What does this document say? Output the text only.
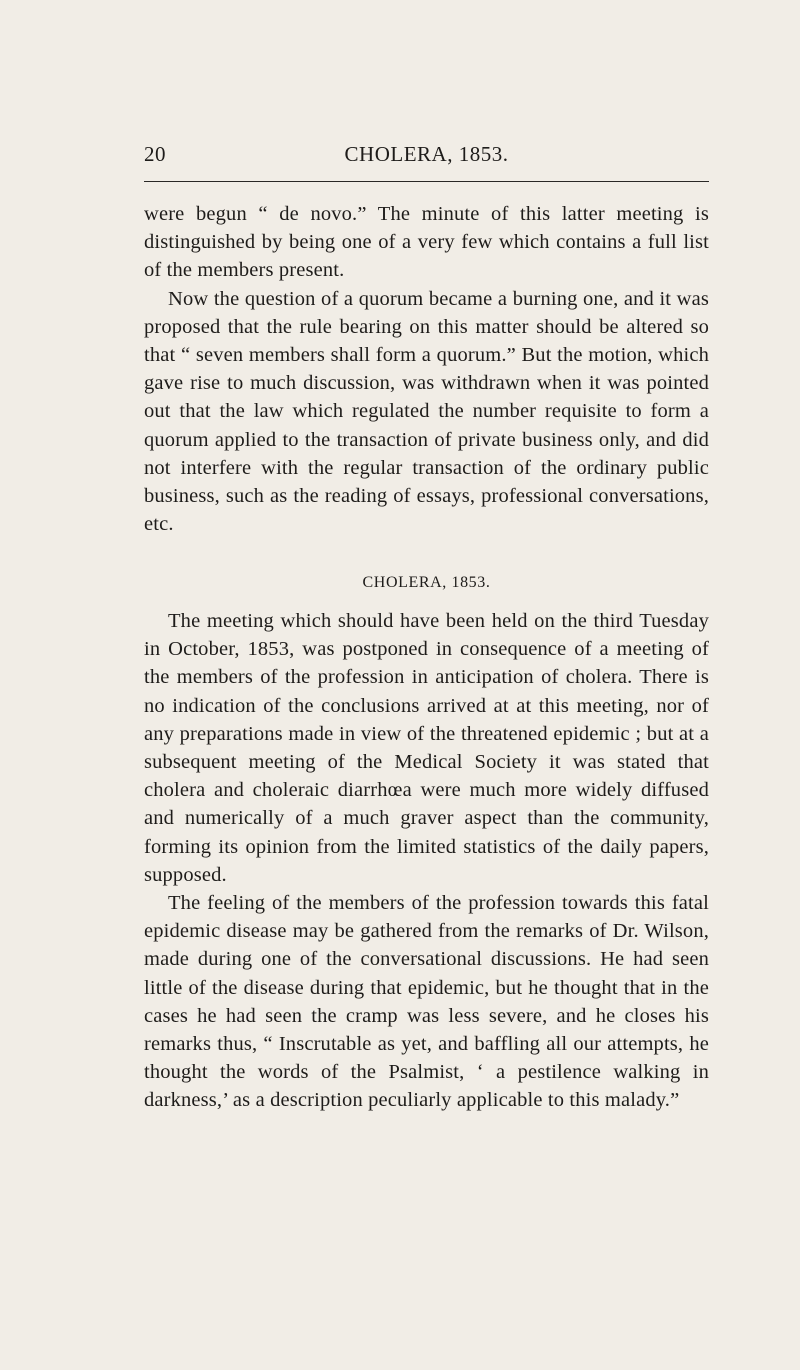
20	CHOLERA, 1853.

were begun “ de novo.” The minute of this latter meeting is distinguished by being one of a very few which contains a full list of the members present.

Now the question of a quorum became a burning one, and it was proposed that the rule bearing on this matter should be altered so that “ seven members shall form a quorum.” But the motion, which gave rise to much discussion, was withdrawn when it was pointed out that the law which regulated the number requisite to form a quorum applied to the transaction of private business only, and did not interfere with the regular transaction of the ordinary public business, such as the reading of essays, professional conversations, etc.

CHOLERA, 1853.

The meeting which should have been held on the third Tuesday in October, 1853, was postponed in consequence of a meeting of the members of the profession in anticipation of cholera. There is no indication of the conclusions arrived at at this meeting, nor of any preparations made in view of the threatened epidemic ; but at a subsequent meeting of the Medical Society it was stated that cholera and choleraic diarrhœa were much more widely diffused and numerically of a much graver aspect than the community, forming its opinion from the limited statistics of the daily papers, supposed.

The feeling of the members of the profession towards this fatal epidemic disease may be gathered from the remarks of Dr. Wilson, made during one of the conversational discussions. He had seen little of the disease during that epidemic, but he thought that in the cases he had seen the cramp was less severe, and he closes his remarks thus, “ Inscrutable as yet, and baffling all our attempts, he thought the words of the Psalmist, ‘ a pestilence walking in darkness,’ as a description peculiarly applicable to this malady.”
